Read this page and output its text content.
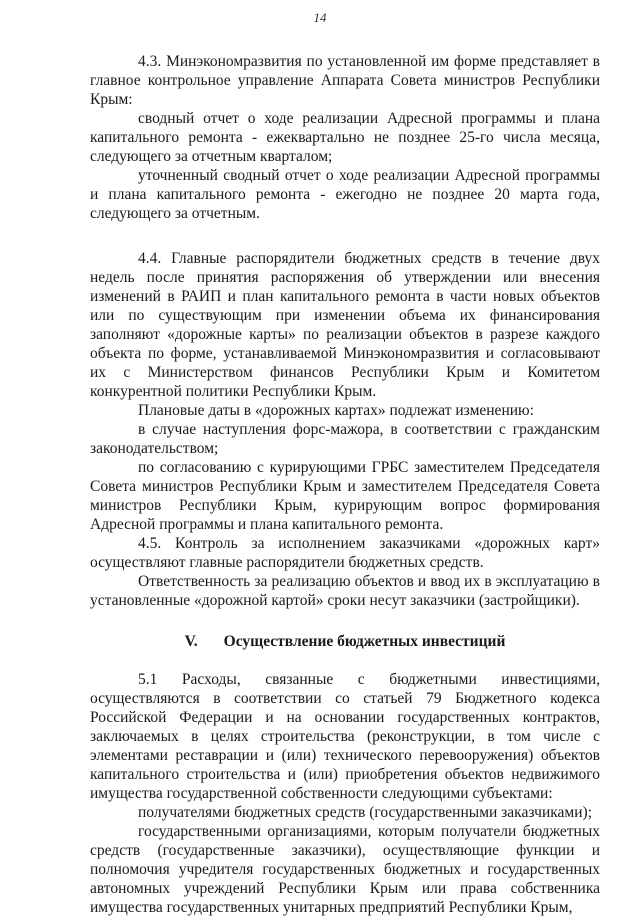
14

4.3. Минэкономразвития по установленной им форме представляет в главное контрольное управление Аппарата Совета министров Республики Крым:

сводный отчет о ходе реализации Адресной программы и плана капитального ремонта - ежеквартально не позднее 25-го числа месяца, следующего за отчетным кварталом;

уточненный сводный отчет о ходе реализации Адресной программы и плана капитального ремонта - ежегодно не позднее 20 марта года, следующего за отчетным.

4.4. Главные распорядители бюджетных средств в течение двух недель после принятия распоряжения об утверждении или внесения изменений в РАИП и план капитального ремонта в части новых объектов или по существующим при изменении объема их финансирования заполняют «дорожные карты» по реализации объектов в разрезе каждого объекта по форме, устанавливаемой Минэкономразвития и согласовывают их с Министерством финансов Республики Крым и Комитетом конкурентной политики Республики Крым.

Плановые даты в «дорожных картах» подлежат изменению:

в случае наступления форс-мажора, в соответствии с гражданским законодательством;

по согласованию с курирующими ГРБС заместителем Председателя Совета министров Республики Крым и заместителем Председателя Совета министров Республики Крым, курирующим вопрос формирования Адресной программы и плана капитального ремонта.

4.5. Контроль за исполнением заказчиками «дорожных карт» осуществляют главные распорядители бюджетных средств.

Ответственность за реализацию объектов и ввод их в эксплуатацию в установленные «дорожной картой» сроки несут заказчики (застройщики).

V. Осуществление бюджетных инвестиций

5.1 Расходы, связанные с бюджетными инвестициями, осуществляются в соответствии со статьей 79 Бюджетного кодекса Российской Федерации и на основании государственных контрактов, заключаемых в целях строительства (реконструкции, в том числе с элементами реставрации и (или) технического перевооружения) объектов капитального строительства и (или) приобретения объектов недвижимого имущества государственной собственности следующими субъектами:

получателями бюджетных средств (государственными заказчиками);

государственными организациями, которым получатели бюджетных средств (государственные заказчики), осуществляющие функции и полномочия учредителя государственных бюджетных и государственных автономных учреждений Республики Крым или права собственника имущества государственных унитарных предприятий Республики Крым,
